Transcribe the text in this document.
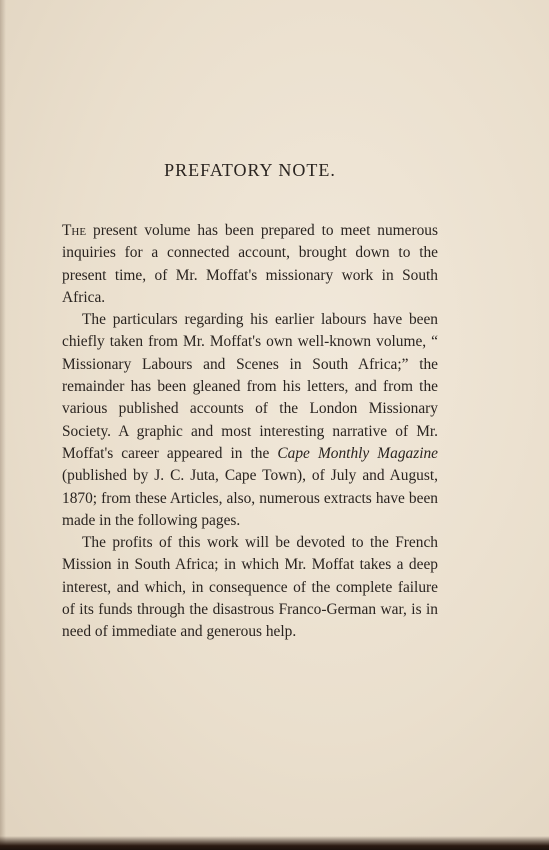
PREFATORY NOTE.

The present volume has been prepared to meet numerous inquiries for a connected account, brought down to the present time, of Mr. Moffat's missionary work in South Africa.

The particulars regarding his earlier labours have been chiefly taken from Mr. Moffat's own well-known volume, “ Missionary Labours and Scenes in South Africa;” the remainder has been gleaned from his letters, and from the various published accounts of the London Missionary Society. A graphic and most interesting narrative of Mr. Moffat's career appeared in the Cape Monthly Magazine (published by J. C. Juta, Cape Town), of July and August, 1870; from these Articles, also, numerous extracts have been made in the following pages.

The profits of this work will be devoted to the French Mission in South Africa; in which Mr. Moffat takes a deep interest, and which, in consequence of the complete failure of its funds through the disastrous Franco-German war, is in need of immediate and generous help.
